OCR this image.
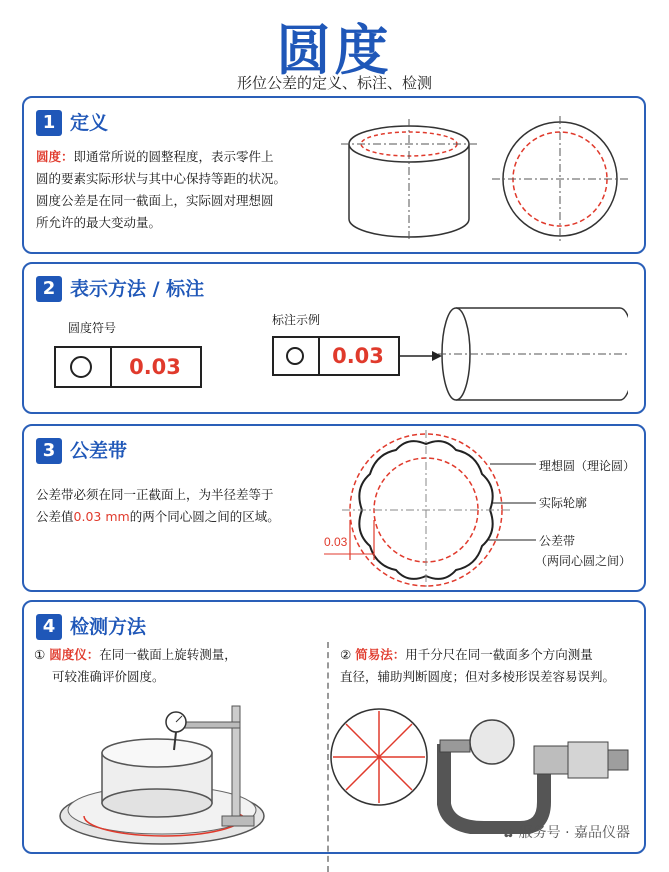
圆度
形位公差的定义、标注、检测
1 定义
圆度：即通常所说的圆整程度，表示零件上
圆的要素实际形状与其中心保持等距的状况。
圆度公差是在同一截面上，实际圆对理想圆
所允许的最大变动量。
2 表示方法 / 标注
圆度符号
0.03
标注示例
0.03
3 公差带
公差带必须在同一正截面上，为半径差等于
公差值0.03 mm的两个同心圆之间的区域。
0.03
理想圆（理论圆）
实际轮廓
公差带
（两同心圆之间）
4 检测方法
① 圆度仪：在同一截面上旋转测量，
可较准确评价圆度。
② 简易法：用千分尺在同一截面多个方向测量
直径，辅助判断圆度；但对多棱形误差容易误判。
✿ 服务号 · 嘉品仪器
